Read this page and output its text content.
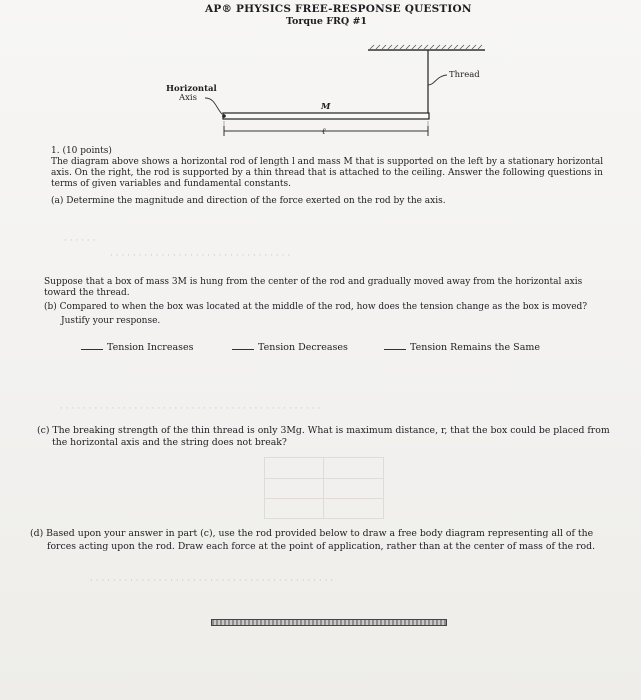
AP® PHYSICS FREE-RESPONSE QUESTION
Torque FRQ #1
Thread
Horizontal
Axis
M
ℓ
1. (10 points)
The diagram above shows a horizontal rod of length l and mass M that is supported on the left by a stationary horizontal
axis. On the right, the rod is supported by a thin thread that is attached to the ceiling. Answer the following questions in
terms of given variables and fundamental constants.
(a) Determine the magnitude and direction of the force exerted on the rod by the axis.
· · · · · ·
· · · · · · · · · · · · · · · · · · · · · · · · · · · · · · · ·
Suppose that a box of mass 3M is hung from the center of the rod and gradually moved away from the horizontal axis
toward the thread.
(b) Compared to when the box was located at the middle of the rod, how does the tension change as the box is moved?
Justify your response.
Tension Increases	Tension Decreases	Tension Remains the Same
· · · · · · · · · · · · · · · · · · · · · · · · · · · · · · · · · · · · · · · · · · · · · ·
(c) The breaking strength of the thin thread is only 3Mg. What is maximum distance, r, that the box could be placed from
the horizontal axis and the string does not break?
(d) Based upon your answer in part (c), use the rod provided below to draw a free body diagram representing all of the
forces acting upon the rod. Draw each force at the point of application, rather than at the center of mass of the rod.
· · · · · · · · · · · · · · · · · · · · · · · · · · · · · · · · · · · · · · · · · · ·
